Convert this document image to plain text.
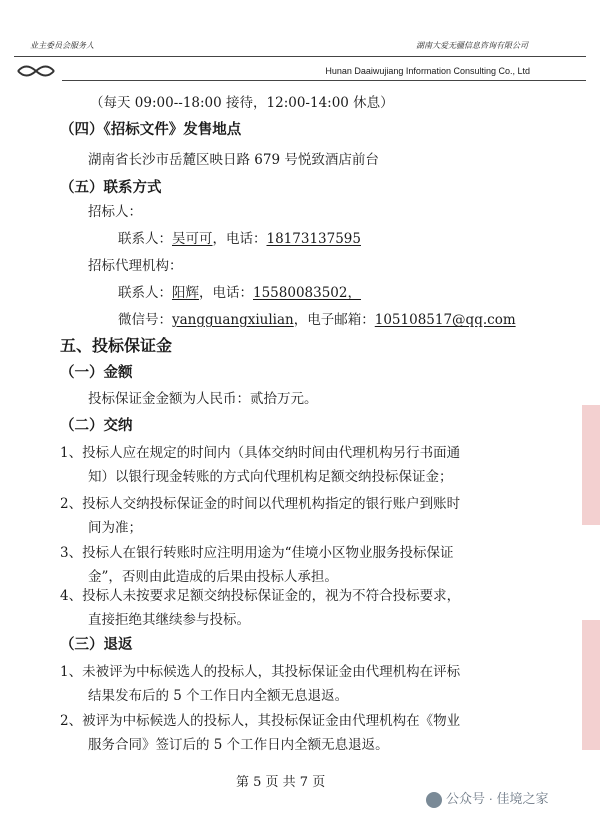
业主委员会服务人	湖南大爱无疆信息咨询有限公司
Hunan Daaiwujiang Information Consulting Co., Ltd
（每天 09:00--18:00 接待，12:00-14:00 休息）
（四）《招标文件》发售地点
湖南省长沙市岳麓区映日路 679 号悦致酒店前台
（五）联系方式
招标人：
联系人：吴可可，电话：18173137595
招标代理机构：
联系人：阳辉，电话：15580083502，
微信号：yangguangxiulian，电子邮箱：105108517@qq.com
五、投标保证金
（一）金额
投标保证金金额为人民币：贰拾万元。
（二）交纳
1、投标人应在规定的时间内（具体交纳时间由代理机构另行书面通
知）以银行现金转账的方式向代理机构足额交纳投标保证金；
2、投标人交纳投标保证金的时间以代理机构指定的银行账户到账时
间为准；
3、投标人在银行转账时应注明用途为“佳境小区物业服务投标保证
金”，否则由此造成的后果由投标人承担。
4、投标人未按要求足额交纳投标保证金的，视为不符合投标要求，
直接拒绝其继续参与投标。
（三）退返
1、未被评为中标候选人的投标人，其投标保证金由代理机构在评标
结果发布后的 5 个工作日内全额无息退返。
2、被评为中标候选人的投标人，其投标保证金由代理机构在《物业
服务合同》签订后的 5 个工作日内全额无息退返。
第 5 页 共 7 页
公众号 · 佳境之家
